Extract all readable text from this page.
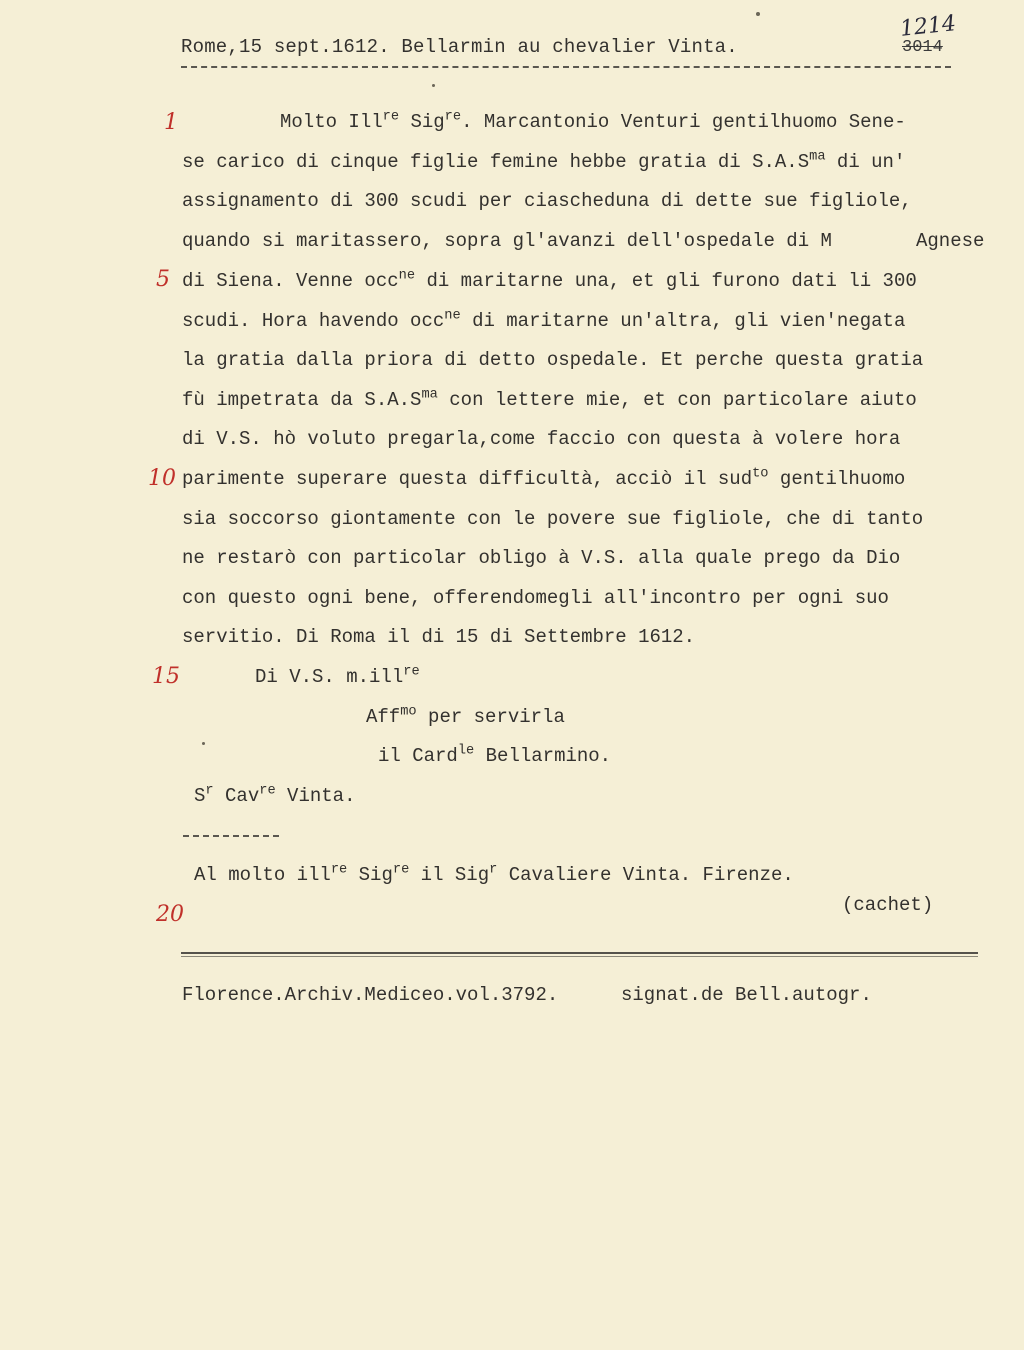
Rome,15 sept.1612. Bellarmin au chevalier Vinta.
1214
3014
1
5
10
15
20
Molto Ill$^{re}$ Sig$^{re}$. Marcantonio Venturi gentilhuomo Sene-
se carico di cinque figlie femine hebbe gratia di $S.A.S^{ma}$ di un'
assignamento di 300 scudi per ciascheduna di dette sue figliole,
quando si maritassero, sopra gl'avanzi dell'ospedale di M	Agnese
di Siena. Venne occ$^{ne}$ di maritarne una, et gli furono dati li 300
scudi. Hora havendo occ$^{ne}$ di maritarne un'altra, gli vien'negata
la gratia dalla priora di detto ospedale. Et perche questa gratia
fù impetrata da $S.A.S^{ma}$ con lettere mie, et con particolare aiuto
di V.S. hò voluto pregarla,come faccio con questa à volere hora
parimente superare questa difficultà, acciò il sud$^{to}$ gentilhuomo
sia soccorso giontamente con le povere sue figliole, che di tanto
ne restarò con particolar obligo à V.S. alla quale prego da Dio
con questo ogni bene, offerendomegli all'incontro per ogni suo
servitio. Di Roma il di 15 di Settembre 1612.
Di V.S. m.ill$^{re}$
Aff$^{mo}$ per servirla
il Card$^{le}$ Bellarmino.
$S^r$ Cav$^{re}$ Vinta.
Al molto ill$^{re}$ Sig$^{re}$ il Sig$^r$ Cavaliere Vinta. Firenze.
(cachet)
Florence.Archiv.Mediceo.vol.3792.	signat.de Bell.autogr.
